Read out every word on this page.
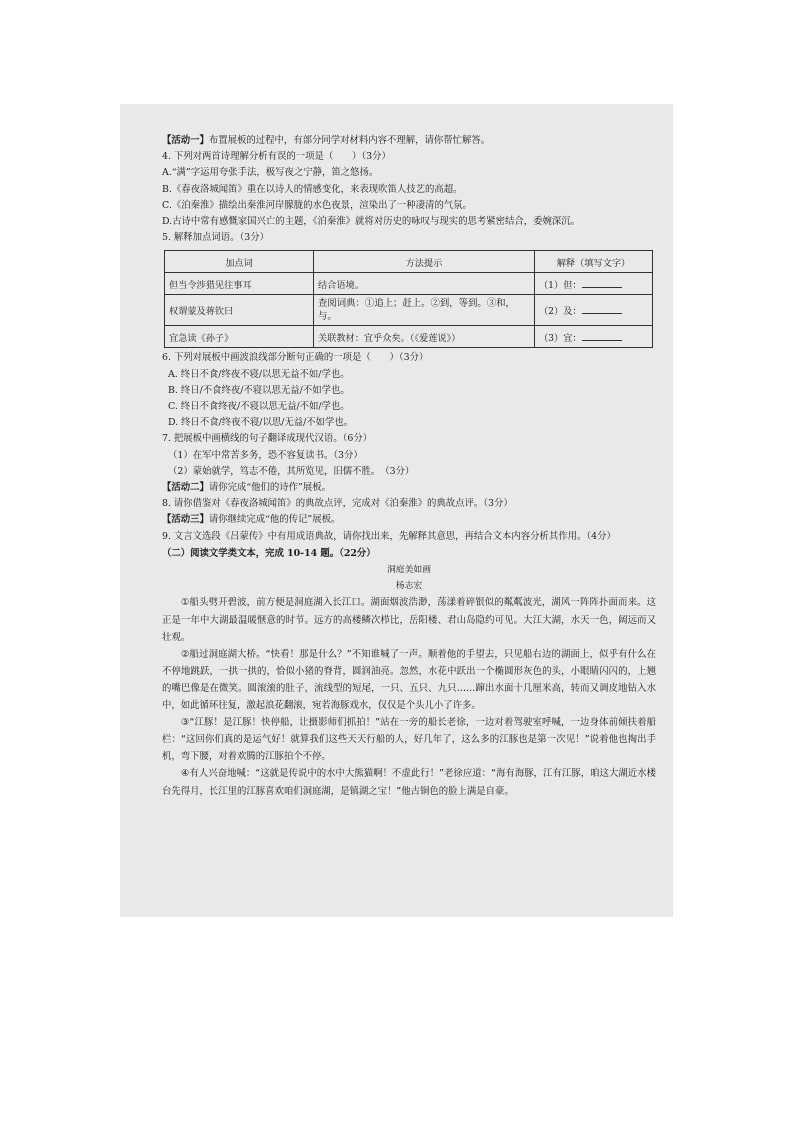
【活动一】布置展板的过程中，有部分同学对材料内容不理解，请你帮忙解答。

4. 下列对两首诗理解分析有误的一项是（　　）（3分）

A.“满”字运用夸张手法，极写夜之宁静，笛之悠扬。

B.《春夜洛城闻笛》重在以诗人的情感变化，来表现吹笛人技艺的高超。

C.《泊秦淮》描绘出秦淮河岸朦胧的水色夜景，渲染出了一种凄清的气氛。

D.古诗中常有感慨家国兴亡的主题，《泊秦淮》就将对历史的咏叹与现实的思考紧密结合，委婉深沉。

5. 解释加点词语。（3分）

加点词	方法提示	解释（填写文字）
但当令涉猎见往事耳	结合语境。	（1）但：
权谓蒙及蒋钦曰	查阅词典：①追上；赶上。②到，等到。③和，与。	（2）及：
宜急读《孙子》	关联教材：宜乎众矣。（《爱莲说》）	（3）宜：

6. 下列对展板中画波浪线部分断句正确的一项是（　　）（3分）

A. 终日不食/终夜不寝/以思无益不如/学也。

B. 终日/不食终夜/不寝以思无益/不如学也。

C. 终日不食终夜/不寝以思无益/不如/学也。

D. 终日不食/终夜不寝/以思/无益/不如学也。

7. 把展板中画横线的句子翻译成现代汉语。（6分）

（1）在军中常苦多务，恐不容复读书。（3分）

（2）蒙始就学，笃志不倦，其所览见，旧儒不胜。　（3分）

【活动二】请你完成“他们的诗作”展板。

8. 请你借鉴对《春夜洛城闻笛》的典故点评，完成对《泊秦淮》的典故点评。（3分）

【活动三】请你继续完成“他的传记”展板。

9. 文言文选段《吕蒙传》中有用成语典故，请你找出来，先解释其意思，再结合文本内容分析其作用。（4分）

（二）阅读文学类文本，完成 10-14 题。（22分）

洞庭美如画

杨志宏

①船头劈开碧波，前方便是洞庭湖入长江口。湖面烟波浩渺，荡漾着碎银似的粼粼波光，湖风一阵阵扑面而来。这正是一年中大湖最温暖惬意的时节。远方的高楼鳞次栉比，岳阳楼、君山岛隐约可见。大江大湖，水天一色，阔远而又壮观。

②船过洞庭湖大桥。“快看！那是什么？”不知谁喊了一声。顺着他的手望去，只见船右边的湖面上，似乎有什么在不停地跳跃，一拱一拱的，恰似小猪的脊背，圆润油亮。忽然，水花中跃出一个椭圆形灰色的头，小眼睛闪闪的，上翘的嘴巴像是在微笑。圆滚滚的肚子，流线型的短尾，一只、五只、九只……蹿出水面十几厘米高，转而又调皮地钻入水中，如此循环往复，激起浪花翻滚，宛若海豚戏水，仅仅是个头儿小了许多。

③“江豚！是江豚！快停船，让摄影师们抓拍！”站在一旁的船长老徐，一边对着驾驶室呼喊，一边身体前倾扶着船栏：“这回你们真的是运气好！就算我们这些天天行船的人，好几年了，这么多的江豚也是第一次见！”说着他也掏出手机，弯下腰，对着欢腾的江豚拍个不停。

④有人兴奋地喊：“这就是传说中的水中大熊猫啊！不虚此行！”老徐应道：“海有海豚，江有江豚，咱这大湖近水楼台先得月，长江里的江豚喜欢咱们洞庭湖，是镇湖之宝！”他古铜色的脸上满是自豪。
